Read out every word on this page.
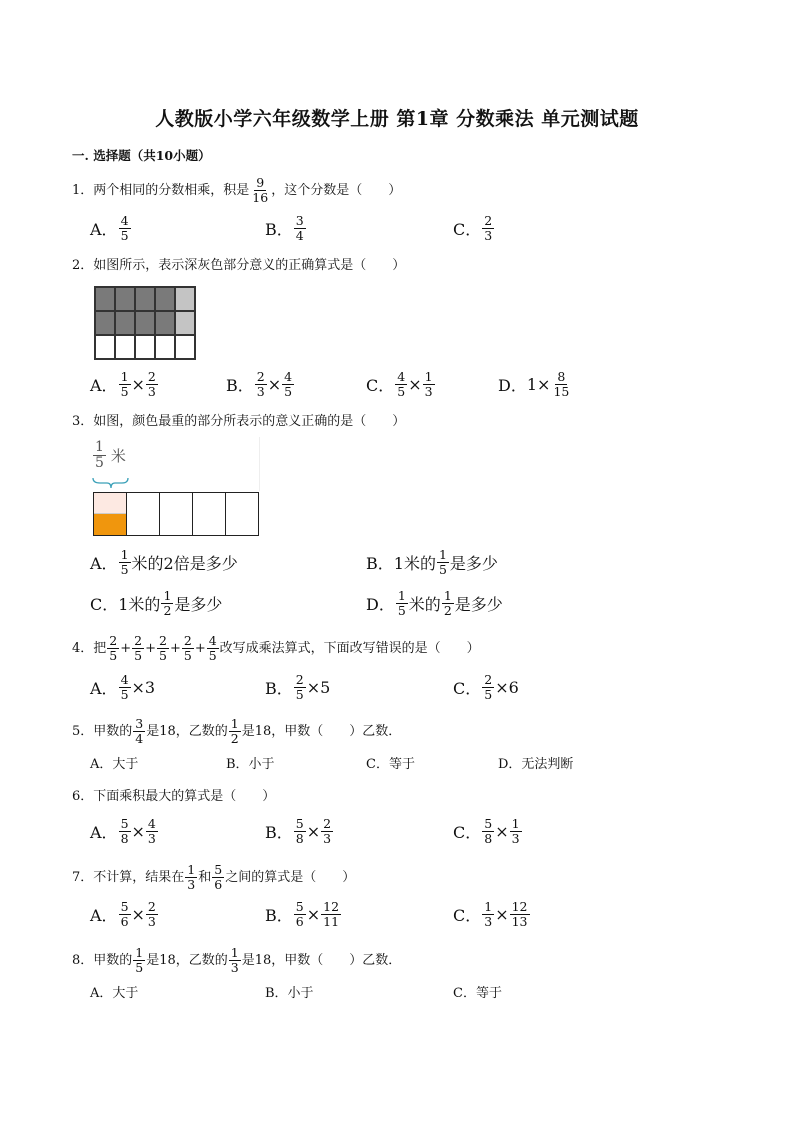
人教版小学六年级数学上册 第1章 分数乘法 单元测试题
一. 选择题（共10小题）
1．两个相同的分数相乘，积是 $\frac{9}{16}$ ，这个分数是（　　）
A． $\frac{4}{5}$	B． $\frac{3}{4}$	C． $\frac{2}{3}$
2．如图所示，表示深灰色部分意义的正确算式是（　　）
A． $\frac{1}{5} \times \frac{2}{3}$	B． $\frac{2}{3} \times \frac{4}{5}$	C． $\frac{4}{5} \times \frac{1}{3}$	D． $1\times \frac{8}{15}$
3．如图，颜色最重的部分所表示的意义正确的是（　　）
$\frac{1}{5}$ 米
A． $\frac{1}{5}$ 米的2倍是多少	B． 1米的 $\frac{1}{5}$ 是多少
C． 1米的 $\frac{1}{2}$ 是多少	D． $\frac{1}{5}$ 米的 $\frac{1}{2}$ 是多少
4．把 $\frac{2}{5} + \frac{2}{5} + \frac{2}{5} + \frac{2}{5} + \frac{4}{5}$ 改写成乘法算式，下面改写错误的是（　　）
A． $\frac{4}{5} \times 3$	B． $\frac{2}{5} \times 5$	C． $\frac{2}{5} \times 6$
5．甲数的 $\frac{3}{4}$ 是18，乙数的 $\frac{1}{2}$ 是18，甲数（　　）乙数．
A．大于	B．小于	C．等于	D．无法判断
6．下面乘积最大的算式是（　　）
A． $\frac{5}{8} \times \frac{4}{3}$	B． $\frac{5}{8} \times \frac{2}{3}$	C． $\frac{5}{8} \times \frac{1}{3}$
7．不计算，结果在 $\frac{1}{3}$ 和 $\frac{5}{6}$ 之间的算式是（　　）
A． $\frac{5}{6} \times \frac{2}{3}$	B． $\frac{5}{6} \times \frac{12}{11}$	C． $\frac{1}{3} \times \frac{12}{13}$
8．甲数的 $\frac{1}{5}$ 是18，乙数的 $\frac{1}{3}$ 是18，甲数（　　）乙数．
A．大于	B．小于	C．等于
